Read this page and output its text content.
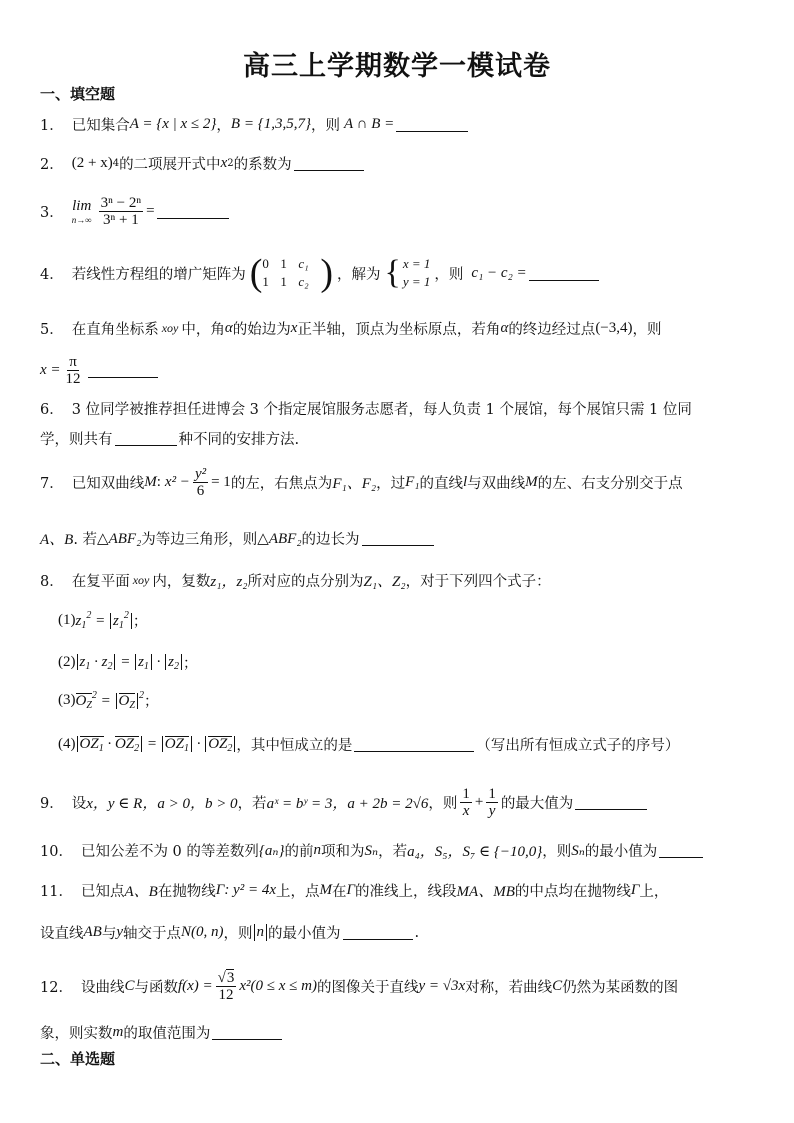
高三上学期数学一模试卷
一、填空题
1． 已知集合 A = {x | x ≤ 2} ， B = {1,3,5,7} ，则 A ∩ B =
2． (2 + x) 4 的二项展开式中 x 2 的系数为
3． lim
$n\to\infty \frac{\text{3ⁿ − 2ⁿ}}{\text{3ⁿ + 1}}$ =
4． 若线性方程组的增广矩阵为 ( 0 1 c₁
1 1 c₂ ) ，解为 { x = 1
y = 1 ，则 c₁ − c₂ =
5． 在直角坐标系 xoy 中，角 α 的始边为 x 正半轴，顶点为坐标原点，若角 α 的终边经过点 (−3,4) ，则
$x = \frac{\pi}{12}$
6． 3 位同学被推荐担任进博会 3 个指定展馆服务志愿者，每人负责 1 个展馆，每个展馆只需 1 位同
学，则共有	种不同的安排方法.
7． 已知双曲线 M : $x^2 - \frac{\text{y²}}{6} = 1$ 的左，右焦点为 F₁、F₂ ，过 F₁ 的直线 l 与双曲线 M 的左、右支分别交于点
A、B . 若 △ABF₂ 为等边三角形，则 △ABF₂ 的边长为
8． 在复平面 xoy 内，复数 z₁，z₂ 所对应的点分别为 Z₁、Z₂ ，对于下列四个式子：
(1) $z_1^2 = z_1^2$ ；
(2) $z_1 \cdot z_2 = z_1 \cdot z_2$ ；
(3) $O_Z^2 = O_Z^2$ ；
(4) $OZ_1 \cdot OZ_2 = OZ_1 \cdot OZ_2$ ，其中恒成立的是	（写出所有恒成立式子的序号）
9． 设 x，y ∈ R，a > 0，b > 0 ，若 aˣ = bʸ = 3，a + 2b = 2√6 ，则 $\frac{1}{x} + \frac{1}{y}$ 的最大值为
10． 已知公差不为 0 的等差数列 {aₙ} 的前 n 项和为 Sₙ ，若 a₄，S₅，S₇ ∈ {−10,0} ，则 Sₙ 的最小值为
11． 已知点 A、B 在抛物线 Γ: y² = 4x 上，点 M 在 Γ 的准线上，线段 MA、MB 的中点均在抛物线 Γ 上，
设直线 AB 与 y 轴交于点 N(0, n) ，则 n 的最小值为	.
12． 设曲线 C 与函数 $f(x) = \frac{√3}{12} x^2(0 \le x \le m)$ 的图像关于直线 y = √3x 对称，若曲线 C 仍然为某函数的图
象，则实数 m 的取值范围为
二、单选题
